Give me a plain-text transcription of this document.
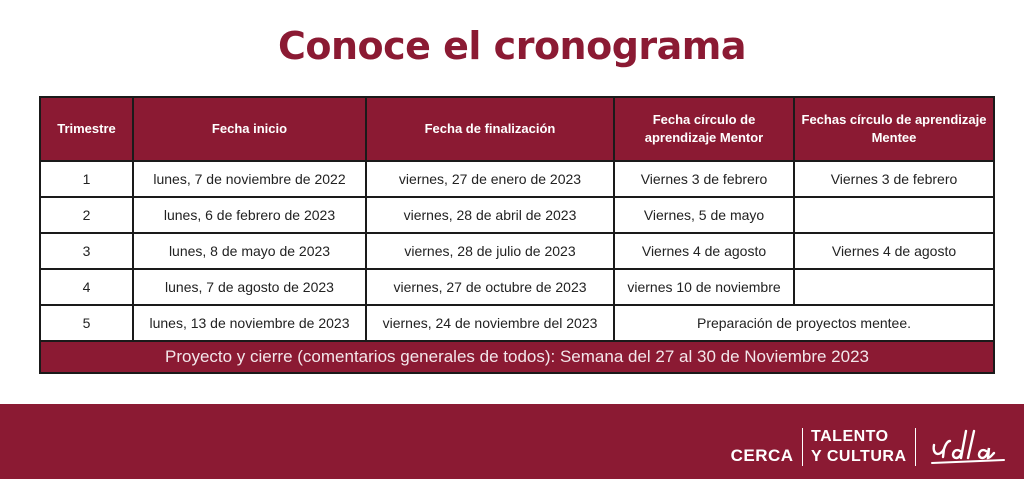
Conoce el cronograma
Trimestre	Fecha inicio	Fecha de finalización	Fecha círculo de aprendizaje Mentor	Fechas círculo de aprendizaje Mentee
1	lunes, 7 de noviembre de 2022	viernes, 27 de enero de 2023	Viernes 3 de febrero	Viernes 3 de febrero
2	lunes, 6 de febrero de 2023	viernes, 28 de abril de 2023	Viernes, 5 de mayo	
3	lunes, 8 de mayo de 2023	viernes, 28 de julio de 2023	Viernes 4 de agosto	Viernes 4 de agosto
4	lunes, 7 de agosto de 2023	viernes, 27 de octubre de 2023	viernes 10 de noviembre	
5	lunes, 13 de noviembre de 2023	viernes, 24 de noviembre del 2023	Preparación de proyectos mentee.	
Proyecto y cierre (comentarios generales de todos): Semana del 27 al 30 de Noviembre 2023				
CERCA
TALENTO
Y CULTURA
